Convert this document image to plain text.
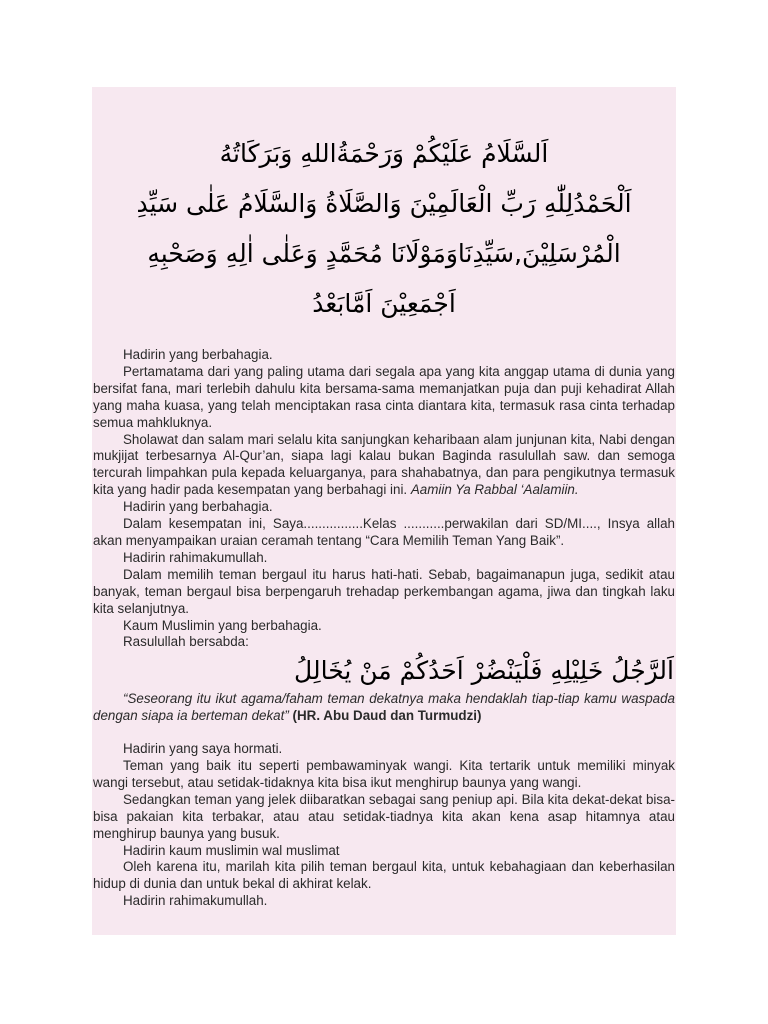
اَلسَّلَامُ عَلَيْكُمْ وَرَحْمَةُاللهِ وَبَرَكَاتُهُ
اَلْحَمْدُلِلّٰهِ رَبِّ الْعَالَمِيْنَ وَالصَّلَاةُ وَالسَّلَامُ عَلٰى سَيِّدِ
الْمُرْسَلِيْنَ,سَيِّدِنَاوَمَوْلَانَا مُحَمَّدٍ وَعَلٰى اٰلِهِ وَصَحْبِهِ
اَجْمَعِيْنَ اَمَّابَعْدُ

Hadirin yang berbahagia.

Pertamatama dari yang paling utama dari segala apa yang kita anggap utama di dunia yang bersifat fana, mari terlebih dahulu kita bersama-sama memanjatkan puja dan puji kehadirat Allah yang maha kuasa, yang telah menciptakan rasa cinta diantara kita, termasuk rasa cinta terhadap semua mahkluknya.

Sholawat dan salam mari selalu kita sanjungkan keharibaan alam junjunan kita, Nabi dengan mukjijat terbesarnya Al-Qur’an, siapa lagi kalau bukan Baginda rasulullah saw. dan semoga tercurah limpahkan pula kepada keluarganya, para shahabatnya, dan para pengikutnya termasuk kita yang hadir pada kesempatan yang berbahagi ini. Aamiin Ya Rabbal ‘Aalamiin.

Hadirin yang berbahagia.

Dalam kesempatan ini, Saya................Kelas ...........perwakilan dari SD/MI...., Insya allah akan menyampaikan uraian ceramah tentang “Cara Memilih Teman Yang Baik”.

Hadirin rahimakumullah.

Dalam memilih teman bergaul itu harus hati-hati. Sebab, bagaimanapun juga, sedikit atau banyak, teman bergaul bisa berpengaruh trehadap perkembangan agama, jiwa dan tingkah laku kita selanjutnya.

Kaum Muslimin yang berbahagia.

Rasulullah bersabda:

اَلرَّجُلُ خَلِيْلِهِ فَلْيَنْضُرْ اَحَدُكُمْ مَنْ يُخَالِلُ

“Seseorang itu ikut agama/faham teman dekatnya maka hendaklah tiap-tiap kamu waspada dengan siapa ia berteman dekat” (HR. Abu Daud dan Turmudzi)

Hadirin yang saya hormati.

Teman yang baik itu seperti pembawaminyak wangi. Kita tertarik untuk memiliki minyak wangi tersebut, atau setidak-tidaknya kita bisa ikut menghirup baunya yang wangi.

Sedangkan teman yang jelek diibaratkan sebagai sang peniup api. Bila kita dekat-dekat bisa-bisa pakaian kita terbakar, atau atau setidak-tiadnya kita akan kena asap hitamnya atau menghirup baunya yang busuk.

Hadirin kaum muslimin wal muslimat

Oleh karena itu, marilah kita pilih teman bergaul kita, untuk kebahagiaan dan keberhasilan hidup di dunia dan untuk bekal di akhirat kelak.

Hadirin rahimakumullah.
